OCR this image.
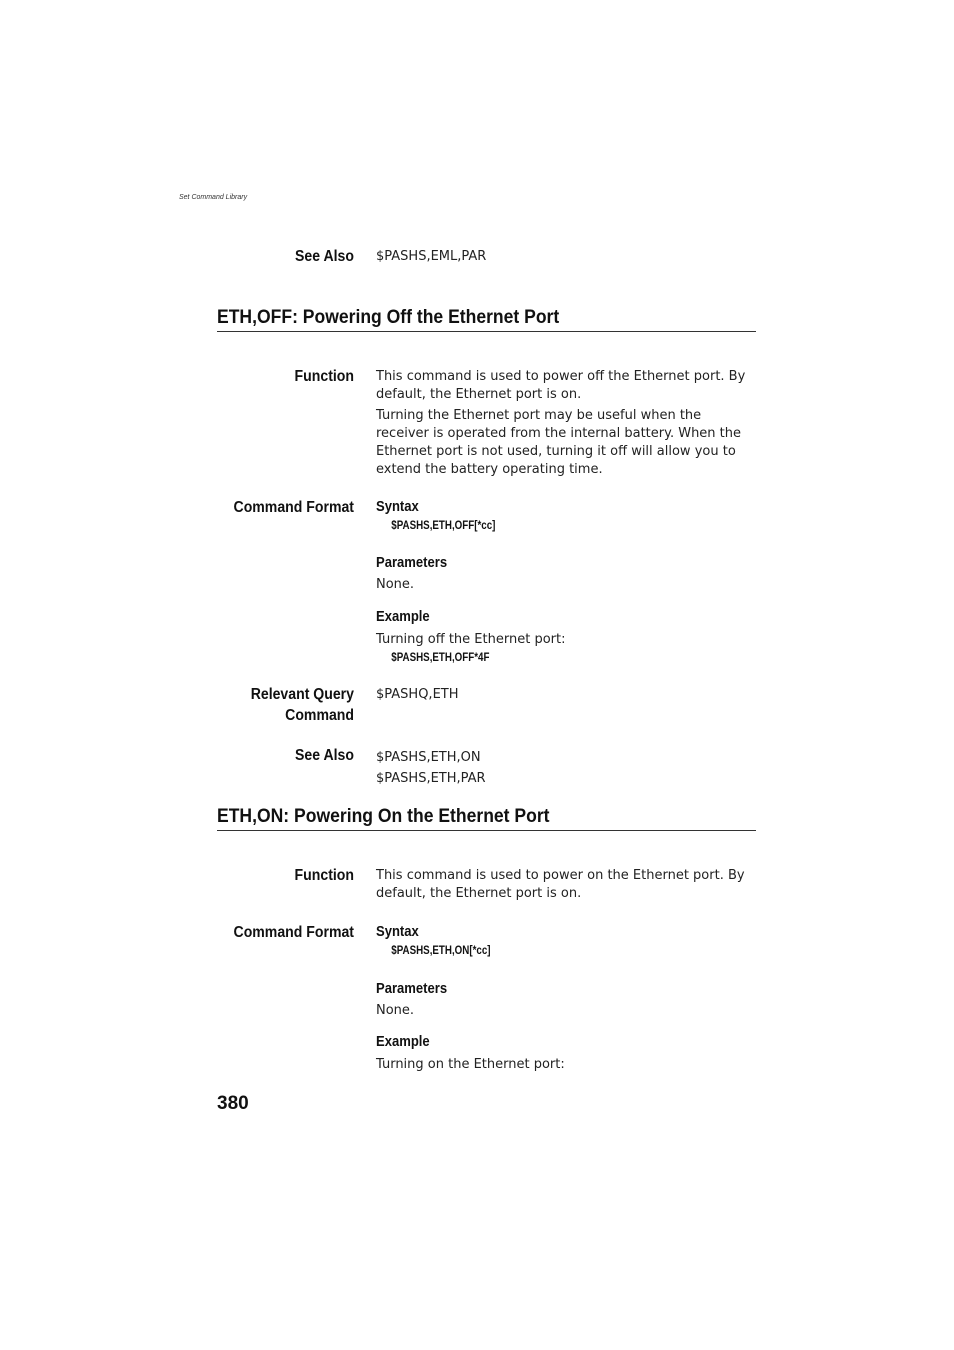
Set Command Library
See Also $PASHS,EML,PAR

ETH,OFF: Powering Off the Ethernet Port
Function This command is used to power off the Ethernet port. By default, the Ethernet port is on.

Turning the Ethernet port may be useful when the receiver is operated from the internal battery. When the Ethernet port is not used, turning it off will allow you to extend the battery operating time.

Command Format Syntax
$PASHS,ETH,OFF[*cc]
Parameters

None.

Example

Turning off the Ethernet port:

$PASHS,ETH,OFF*4F
Relevant Query
Command

$PASHQ,ETH

See Also $PASHS,ETH,ON

$PASHS,ETH,PAR

ETH,ON: Powering On the Ethernet Port
Function This command is used to power on the Ethernet port. By default, the Ethernet port is on.

Command Format Syntax
$PASHS,ETH,ON[*cc]
Parameters

None.

Example

Turning on the Ethernet port:

380
